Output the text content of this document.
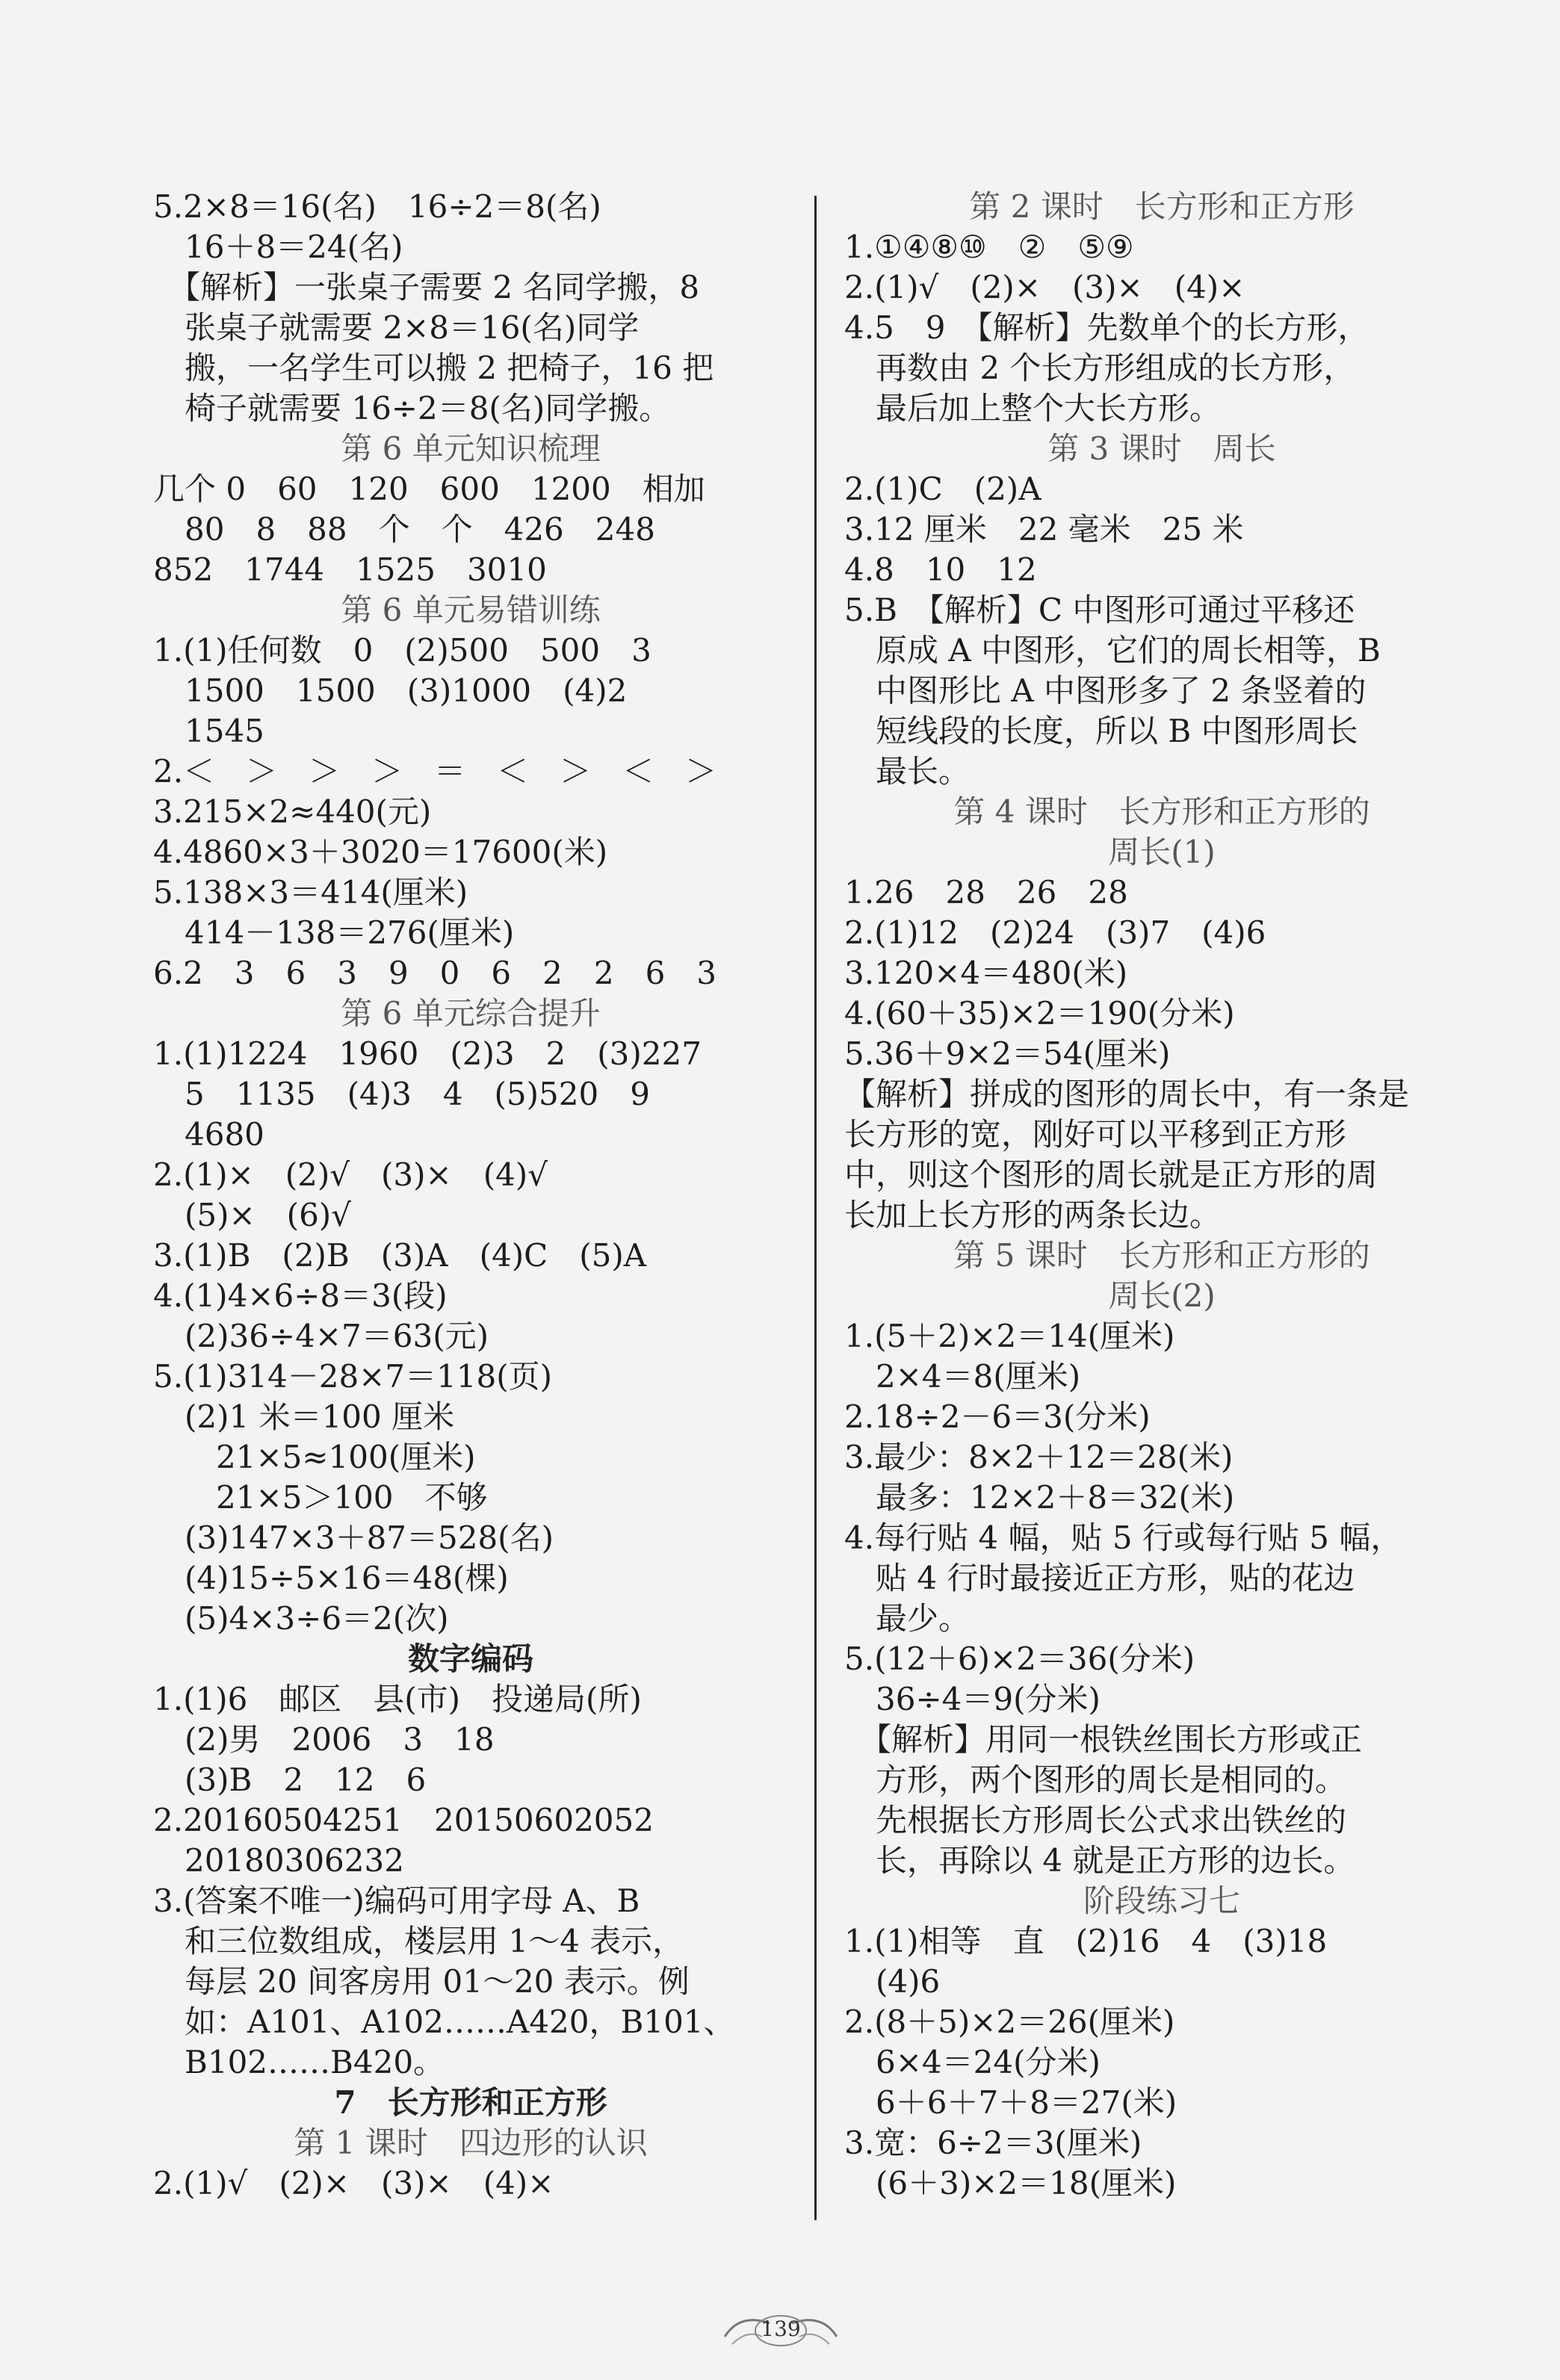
5.2×8＝16(名)　16÷2＝8(名)
　16＋8＝24(名)
　【解析】一张桌子需要 2 名同学搬，8
　张桌子就需要 2×8＝16(名)同学
　搬，一名学生可以搬 2 把椅子，16 把
　椅子就需要 16÷2＝8(名)同学搬。
第 6 单元知识梳理
几个 0　60　120　600　1200　相加
　80　8　88　个　个　426　248
852　1744　1525　3010
第 6 单元易错训练
1.(1)任何数　0　(2)500　500　3
　1500　1500　(3)1000　(4)2
　1545
2.＜　＞　＞　＞　＝　＜　＞　＜　＞
3.215×2≈440(元)
4.4860×3＋3020＝17600(米)
5.138×3＝414(厘米)
　414－138＝276(厘米)
6.2　3　6　3　9　0　6　2　2　6　3
第 6 单元综合提升
1.(1)1224　1960　(2)3　2　(3)227
　5　1135　(4)3　4　(5)520　9
　4680
2.(1)×　(2)√　(3)×　(4)√
　(5)×　(6)√
3.(1)B　(2)B　(3)A　(4)C　(5)A
4.(1)4×6÷8＝3(段)
　(2)36÷4×7＝63(元)
5.(1)314－28×7＝118(页)
　(2)1 米＝100 厘米
　　21×5≈100(厘米)
　　21×5＞100　不够
　(3)147×3＋87＝528(名)
　(4)15÷5×16＝48(棵)
　(5)4×3÷6＝2(次)
数字编码
1.(1)6　邮区　县(市)　投递局(所)
　(2)男　2006　3　18
　(3)B　2　12　6
2.20160504251　20150602052
　20180306232
3.(答案不唯一)编码可用字母 A、B
　和三位数组成，楼层用 1～4 表示，
　每层 20 间客房用 01～20 表示。例
　如：A101、A102……A420，B101、
　B102……B420。
7　长方形和正方形
第 1 课时　四边形的认识
2.(1)√　(2)×　(3)×　(4)×
第 2 课时　长方形和正方形
1.①④⑧⑩　②　⑤⑨
2.(1)√　(2)×　(3)×　(4)×
4.5　9　【解析】先数单个的长方形，
　再数由 2 个长方形组成的长方形，
　最后加上整个大长方形。
第 3 课时　周长
2.(1)C　(2)A
3.12 厘米　22 毫米　25 米
4.8　10　12
5.B　【解析】C 中图形可通过平移还
　原成 A 中图形，它们的周长相等，B
　中图形比 A 中图形多了 2 条竖着的
　短线段的长度，所以 B 中图形周长
　最长。
第 4 课时　长方形和正方形的
周长(1)
1.26　28　26　28
2.(1)12　(2)24　(3)7　(4)6
3.120×4＝480(米)
4.(60＋35)×2＝190(分米)
5.36＋9×2＝54(厘米)
【解析】拼成的图形的周长中，有一条是
长方形的宽，刚好可以平移到正方形
中，则这个图形的周长就是正方形的周
长加上长方形的两条长边。
第 5 课时　长方形和正方形的
周长(2)
1.(5＋2)×2＝14(厘米)
　2×4＝8(厘米)
2.18÷2－6＝3(分米)
3.最少：8×2＋12＝28(米)
　最多：12×2＋8＝32(米)
4.每行贴 4 幅，贴 5 行或每行贴 5 幅，
　贴 4 行时最接近正方形，贴的花边
　最少。
5.(12＋6)×2＝36(分米)
　36÷4＝9(分米)
　【解析】用同一根铁丝围长方形或正
　方形，两个图形的周长是相同的。
　先根据长方形周长公式求出铁丝的
　长，再除以 4 就是正方形的边长。
阶段练习七
1.(1)相等　直　(2)16　4　(3)18
　(4)6
2.(8＋5)×2＝26(厘米)
　6×4＝24(分米)
　6＋6＋7＋8＝27(米)
3.宽：6÷2＝3(厘米)
　(6＋3)×2＝18(厘米)
139
